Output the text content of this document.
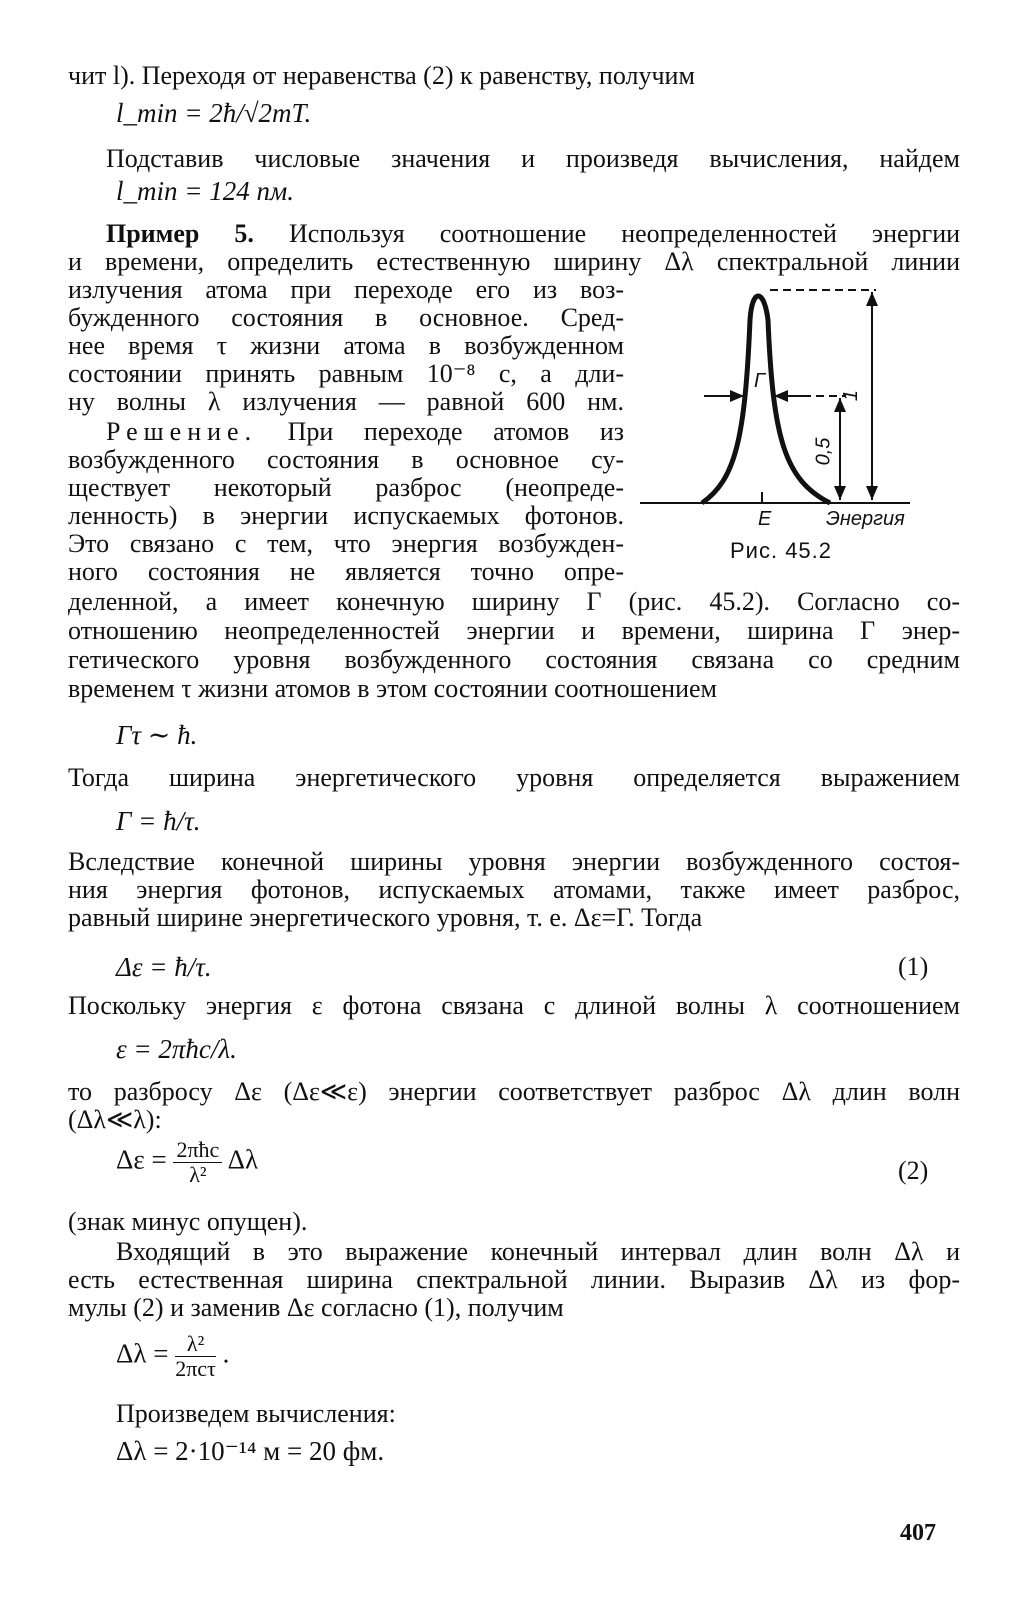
чит l). Переходя от неравенства (2) к равенству, получим
l_min = 2ħ/√2mT.
Подставив числовые значения и произведя вычисления, найдем
l_min = 124 пм.
Пример 5. Используя соотношение неопределенностей энергии
и времени, определить естественную ширину Δλ спектральной линии
излучения атома при переходе его из воз-
бужденного состояния в основное. Сред-
нее время τ жизни атома в возбужденном
состоянии принять равным 10⁻⁸ с, а дли-
ну волны λ излучения — равной 600 нм.
Решение. При переходе атомов из
возбужденного состояния в основное су-
ществует некоторый разброс (неопреде-
ленность) в энергии испускаемых фотонов.
Это связано с тем, что энергия возбужден-
ного состояния не является точно опре-
Γ
1
0,5
E	Энергия
Рис. 45.2
деленной, а имеет конечную ширину Γ (рис. 45.2). Согласно со-
отношению неопределенностей энергии и времени, ширина Γ энер-
гетического уровня возбужденного состояния связана со средним
временем τ жизни атомов в этом состоянии соотношением
Γτ ∼ ħ.
Тогда ширина энергетического уровня определяется выражением
Γ = ħ/τ.
Вследствие конечной ширины уровня энергии возбужденного состоя-
ния энергия фотонов, испускаемых атомами, также имеет разброс,
равный ширине энергетического уровня, т. е. Δε=Γ. Тогда
Δε = ħ/τ.	(1)
Поскольку энергия ε фотона связана с длиной волны λ соотношением
ε = 2πħc/λ.
то разбросу Δε (Δε≪ε) энергии соответствует разброс Δλ длин волн
(Δλ≪λ):
$\Delta\varepsilon = \frac{\text{2πħc}}{\text{λ²}}$ Δλ	(2)
(знак минус опущен).
Входящий в это выражение конечный интервал длин волн Δλ и
есть естественная ширина спектральной линии. Выразив Δλ из фор-
мулы (2) и заменив Δε согласно (1), получим
$\Delta\lambda = \frac{\text{λ²}}{\text{2πcτ}}$ .
Произведем вычисления:
Δλ = 2·10⁻¹⁴ м = 20 фм.
407
